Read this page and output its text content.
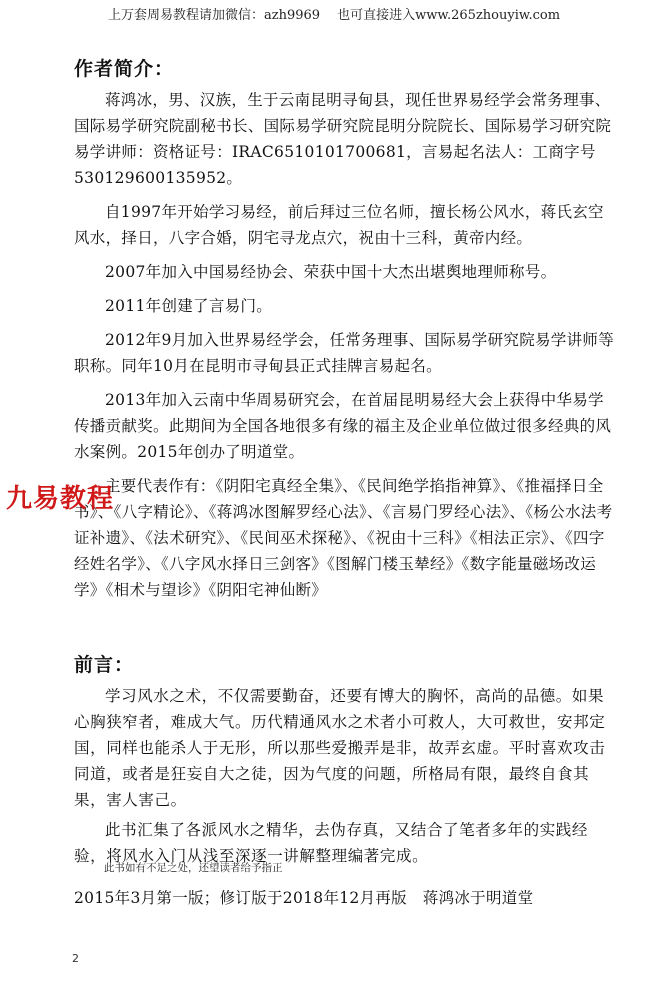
上万套周易教程请加微信：azh9969　 也可直接进入www.265zhouyiw.com
作者简介：

蒋鸿冰，男、汉族，生于云南昆明寻甸县，现任世界易经学会常务理事、国际易学研究院副秘书长、国际易学研究院昆明分院院长、国际易学习研究院易学讲师：资格证号：IRAC6510101700681，言易起名法人：工商字号530129600135952。

自1997年开始学习易经，前后拜过三位名师，擅长杨公风水，蒋氏玄空风水，择日，八字合婚，阴宅寻龙点穴，祝由十三科，黄帝内经。

2007年加入中国易经协会、荣获中国十大杰出堪舆地理师称号。

2011年创建了言易门。

2012年9月加入世界易经学会，任常务理事、国际易学研究院易学讲师等职称。同年10月在昆明市寻甸县正式挂牌言易起名。

2013年加入云南中华周易研究会，在首届昆明易经大会上获得中华易学传播贡献奖。此期间为全国各地很多有缘的福主及企业单位做过很多经典的风水案例。2015年创办了明道堂。

主要代表作有：《阴阳宅真经全集》、《民间绝学掐指神算》、《推福择日全书》、《八字精论》、《蒋鸿冰图解罗经心法》、《言易门罗经心法》、《杨公水法考证补遗》、《法术研究》、《民间巫术探秘》、《祝由十三科》《相法正宗》、《四字经姓名学》、《八字风水择日三剑客》《图解门楼玉辇经》《数字能量磁场改运学》《相术与望诊》《阴阳宅神仙断》

九易教程
前言：

学习风水之术，不仅需要勤奋，还要有博大的胸怀，高尚的品德。如果心胸狭窄者，难成大气。历代精通风水之术者小可救人，大可救世，安邦定国，同样也能杀人于无形，所以那些爱搬弄是非，故弄玄虚。平时喜欢攻击同道，或者是狂妄自大之徒，因为气度的问题，所格局有限，最终自食其果，害人害己。

此书汇集了各派风水之精华，去伪存真，又结合了笔者多年的实践经验，将风水入门从浅至深逐一讲解整理编著完成。

此书如有不足之处，还望读者给予指正
2015年3月第一版；修订版于2018年12月再版　蒋鸿冰于明道堂
2
